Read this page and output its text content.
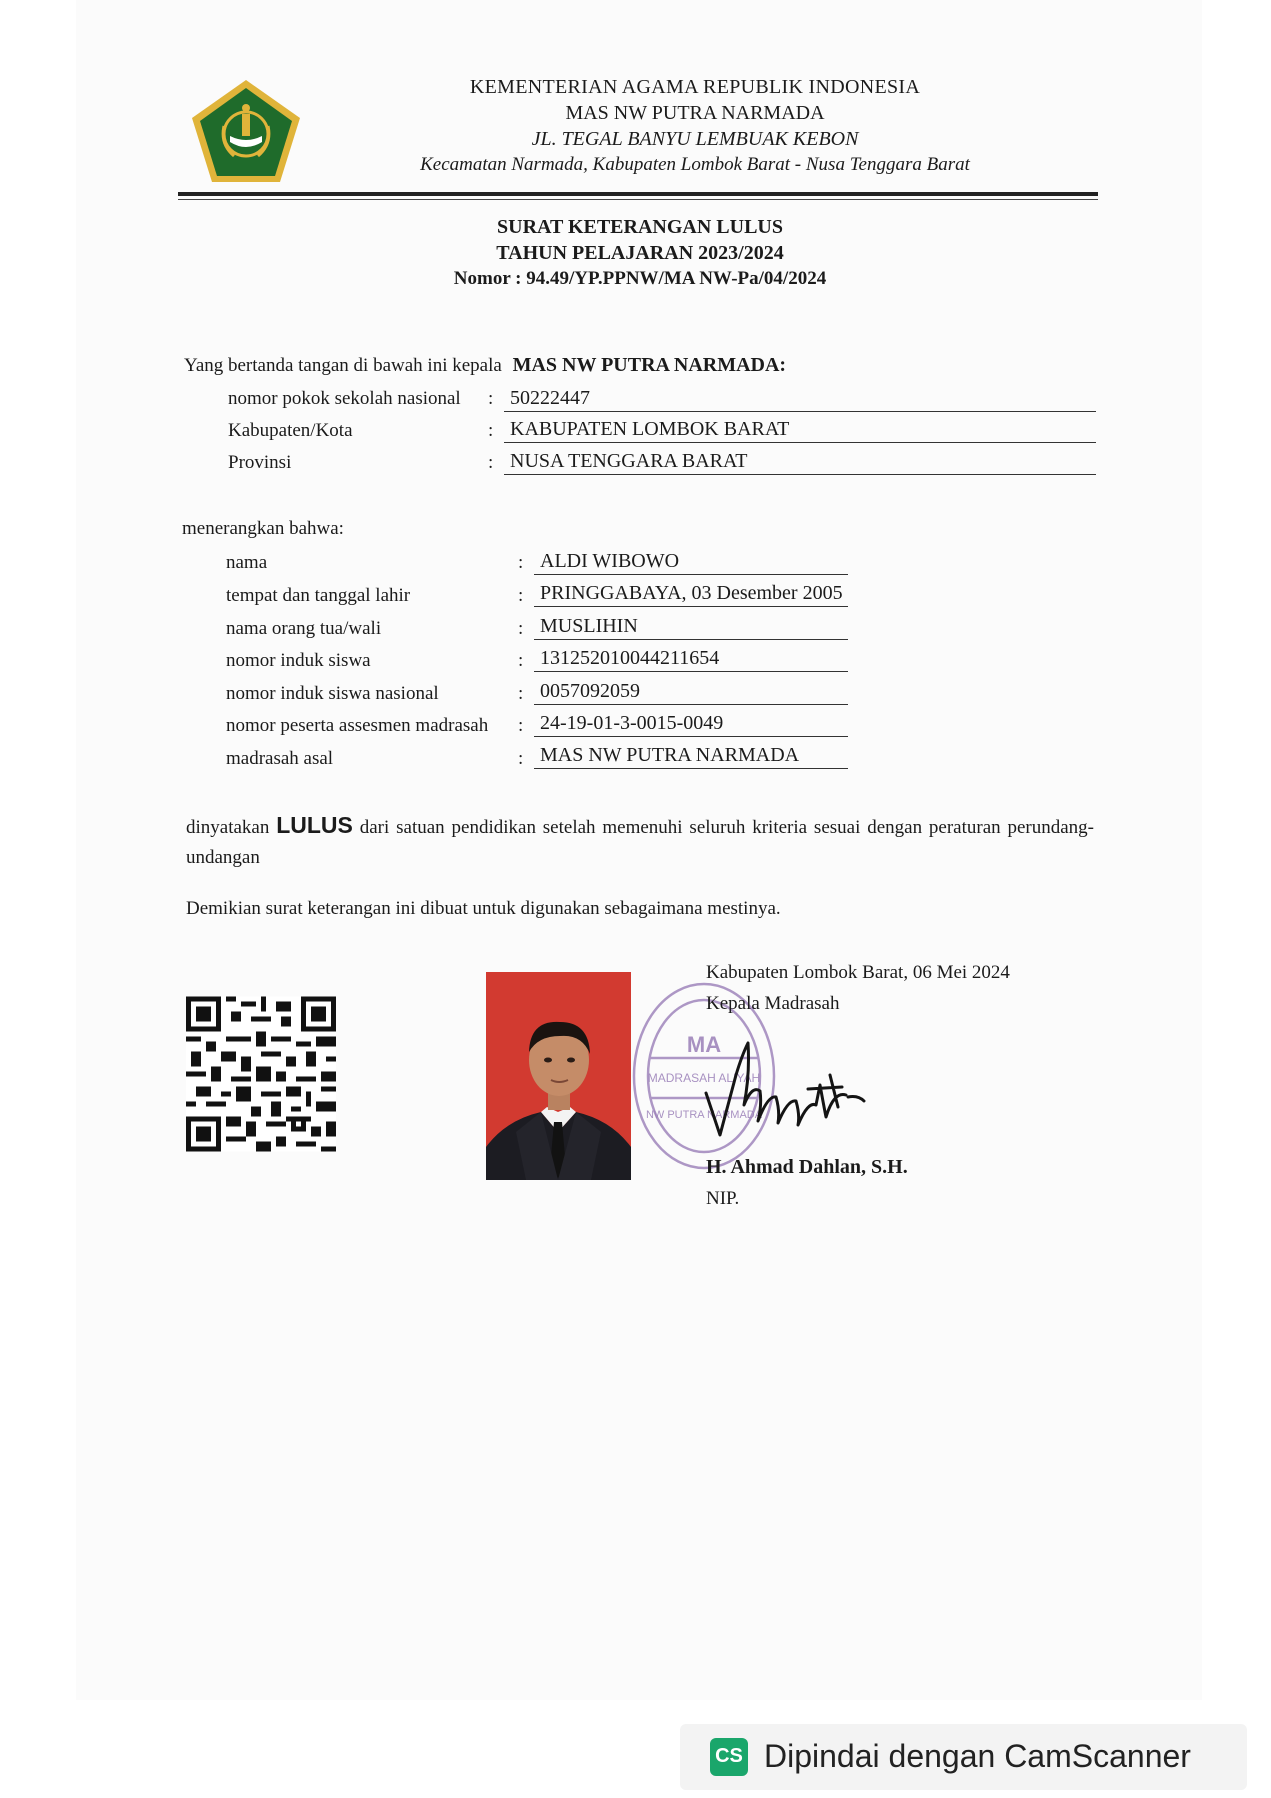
KEMENTERIAN AGAMA REPUBLIK INDONESIA
MAS NW PUTRA NARMADA
JL. TEGAL BANYU LEMBUAK KEBON
Kecamatan Narmada, Kabupaten Lombok Barat - Nusa Tenggara Barat
SURAT KETERANGAN LULUS
TAHUN PELAJARAN 2023/2024
Nomor : 94.49/YP.PPNW/MA NW-Pa/04/2024
Yang bertanda tangan di bawah ini kepala MAS NW PUTRA NARMADA:
nomor pokok sekolah nasional : 50222447
Kabupaten/Kota	: KABUPATEN LOMBOK BARAT
Provinsi	: NUSA TENGGARA BARAT
menerangkan bahwa:
nama	: ALDI WIBOWO
tempat dan tanggal lahir	: PRINGGABAYA, 03 Desember 2005
nama orang tua/wali	: MUSLIHIN
nomor induk siswa	: 131252010044211654
nomor induk siswa nasional	: 0057092059
nomor peserta assesmen madrasah : 24-19-01-3-0015-0049
madrasah asal	: MAS NW PUTRA NARMADA
dinyatakan LULUS dari satuan pendidikan setelah memenuhi seluruh kriteria sesuai dengan peraturan perundang-undangan
Demikian surat keterangan ini dibuat untuk digunakan sebagaimana mestinya.
MA
MADRASAH ALIYAH
NW PUTRA NARMADA
Kabupaten Lombok Barat, 06 Mei 2024
Kepala Madrasah
H. Ahmad Dahlan, S.H.
NIP.
CS Dipindai dengan CamScanner
